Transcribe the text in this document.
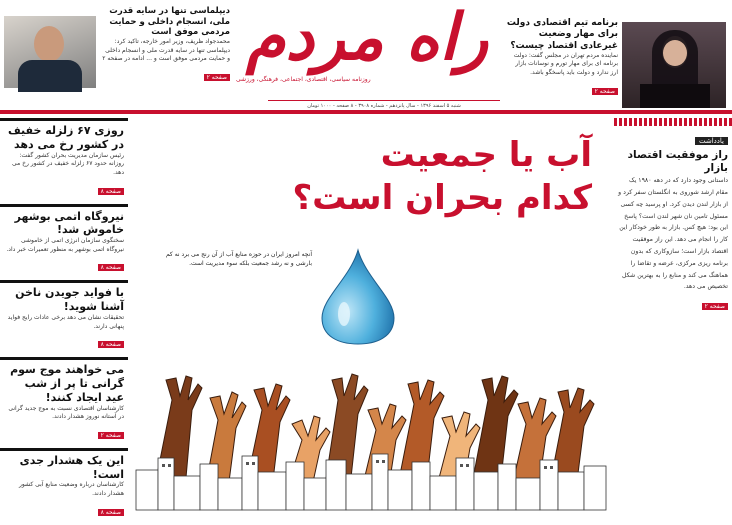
دیپلماسی تنها در سایه قدرت ملی، انسجام داخلی و حمایت مردمی موفق است
محمدجواد ظریف، وزیر امور خارجه، تاکید کرد: دیپلماسی تنها در سایه قدرت ملی و انسجام داخلی و حمایت مردمی موفق است و ... ادامه در صفحه ۲
صفحه ۲
راه مردم
روزنامه سیاسی، اقتصادی، اجتماعی، فرهنگی، ورزشی
شنبه ۵ اسفند ۱۳۹۶ - سال پانزدهم - شماره ۳۹۰۸ - ۸ صفحه - ۱۰۰۰ تومان
برنامه تیم اقتصادی دولت برای مهار وضعیت غیرعادی اقتصاد چیست؟
نماینده مردم تهران در مجلس گفت: دولت برنامه ای برای مهار تورم و نوسانات بازار ارز ندارد و دولت باید پاسخگو باشد.
صفحه ۲
روزی ۶۷ زلزله خفیف در کشور رخ می دهد
رئیس سازمان مدیریت بحران کشور گفت: روزانه حدود ۶۷ زلزله خفیف در کشور رخ می دهد.
صفحه ۸
نیروگاه اتمی بوشهر خاموش شد!
سخنگوی سازمان انرژی اتمی از خاموشی نیروگاه اتمی بوشهر به منظور تعمیرات خبر داد.
صفحه ۸
با فواید جویدن ناخن آشنا شوید!
تحقیقات نشان می دهد برخی عادات رایج فواید پنهانی دارند.
صفحه ۸
می خواهند موج سوم گرانی تا پر از شب عید ایجاد کنند!
کارشناسان اقتصادی نسبت به موج جدید گرانی در آستانه نوروز هشدار دادند.
صفحه ۲
این یک هشدار جدی است!
کارشناسان درباره وضعیت منابع آبی کشور هشدار دادند.
صفحه ۸
آب یا جمعیت
کدام بحران است؟
آنچه امروز ایران در حوزه منابع آب از آن رنج می برد نه کم بارشی و نه رشد جمعیت بلکه سوء مدیریت است.
یادداشت
راز موفقیت اقتصاد بازار
داستانی وجود دارد که در دهه ۱۹۸۰ یک مقام ارشد شوروی به انگلستان سفر کرد و از بازار لندن دیدن کرد. او پرسید چه کسی مسئول تامین نان شهر لندن است؟ پاسخ این بود: هیچ کس. بازار به طور خودکار این کار را انجام می دهد. این راز موفقیت اقتصاد بازار است؛ سازوکاری که بدون برنامه ریزی مرکزی، عرضه و تقاضا را هماهنگ می کند و منابع را به بهترین شکل تخصیص می دهد.
صفحه ۲
